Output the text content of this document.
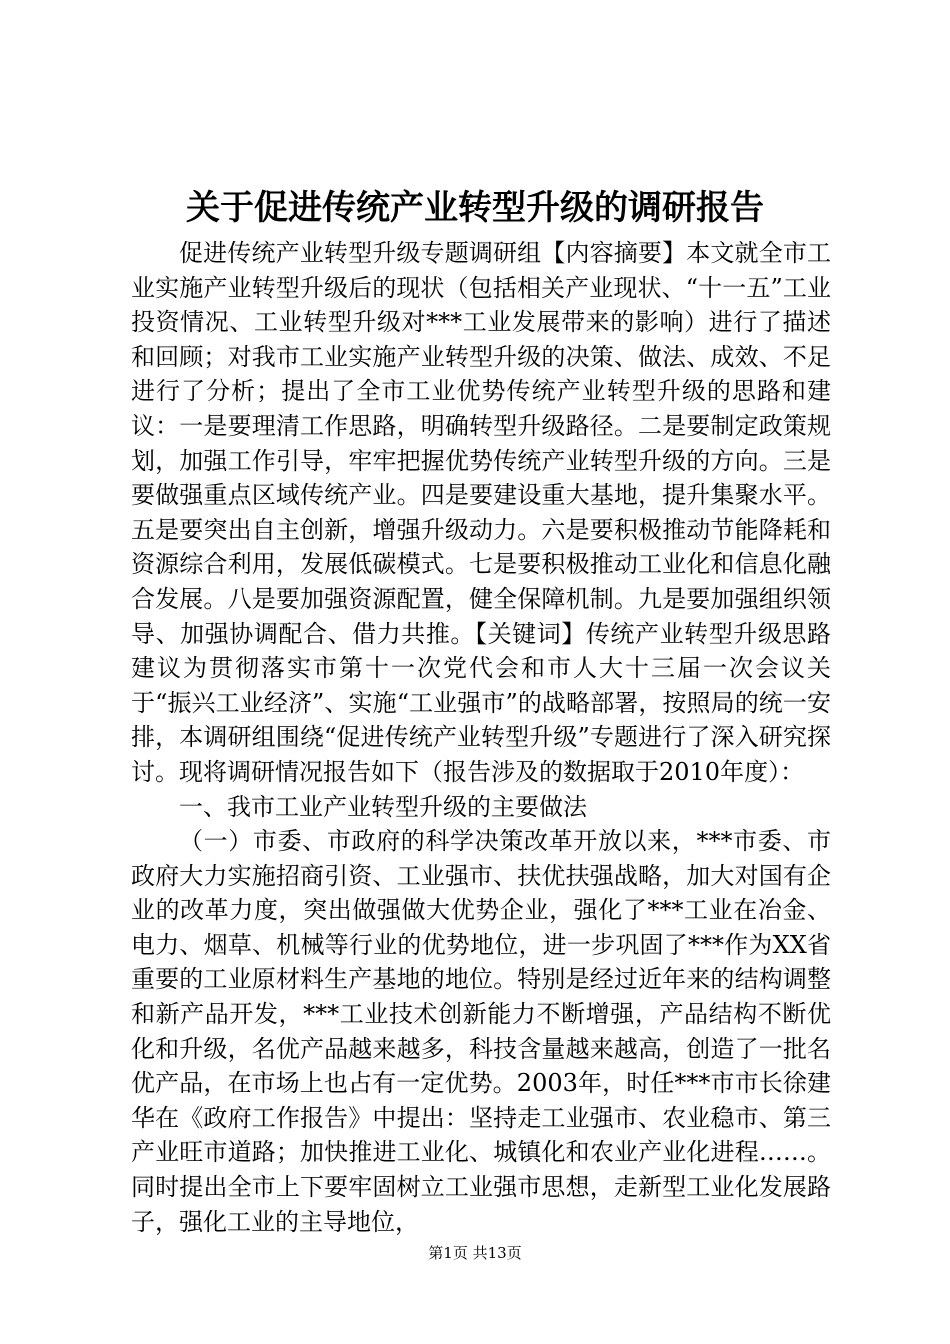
关于促进传统产业转型升级的调研报告

促进传统产业转型升级专题调研组【内容摘要】本文就全市工业实施产业转型升级后的现状（包括相关产业现状、“十一五”工业投资情况、工业转型升级对***工业发展带来的影响）进行了描述和回顾；对我市工业实施产业转型升级的决策、做法、成效、不足进行了分析；提出了全市工业优势传统产业转型升级的思路和建议：一是要理清工作思路，明确转型升级路径。二是要制定政策规划，加强工作引导，牢牢把握优势传统产业转型升级的方向。三是要做强重点区域传统产业。四是要建设重大基地，提升集聚水平。五是要突出自主创新，增强升级动力。六是要积极推动节能降耗和资源综合利用，发展低碳模式。七是要积极推动工业化和信息化融合发展。八是要加强资源配置，健全保障机制。九是要加强组织领导、加强协调配合、借力共推。【关键词】传统产业转型升级思路建议为贯彻落实市第十一次党代会和市人大十三届一次会议关于“振兴工业经济”、实施“工业强市”的战略部署，按照局的统一安排，本调研组围绕“促进传统产业转型升级”专题进行了深入研究探讨。现将调研情况报告如下（报告涉及的数据取于2010年度）：

一、我市工业产业转型升级的主要做法

（一）市委、市政府的科学决策改革开放以来，***市委、市政府大力实施招商引资、工业强市、扶优扶强战略，加大对国有企业的改革力度，突出做强做大优势企业，强化了***工业在冶金、电力、烟草、机械等行业的优势地位，进一步巩固了***作为XX省重要的工业原材料生产基地的地位。特别是经过近年来的结构调整和新产品开发，***工业技术创新能力不断增强，产品结构不断优化和升级，名优产品越来越多，科技含量越来越高，创造了一批名优产品，在市场上也占有一定优势。2003年，时任***市市长徐建华在《政府工作报告》中提出：坚持走工业强市、农业稳市、第三产业旺市道路；加快推进工业化、城镇化和农业产业化进程……。同时提出全市上下要牢固树立工业强市思想，走新型工业化发展路子，强化工业的主导地位，

第1页 共13页
